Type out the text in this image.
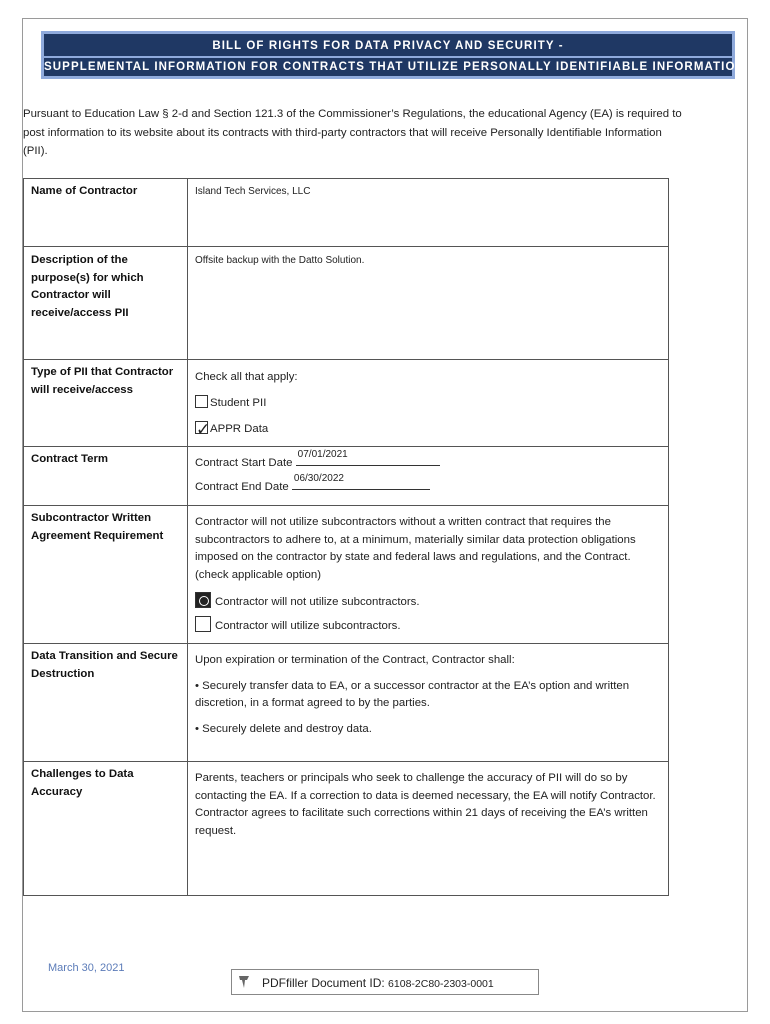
BILL OF RIGHTS FOR DATA PRIVACY AND SECURITY -
SUPPLEMENTAL INFORMATION FOR CONTRACTS THAT UTILIZE PERSONALLY IDENTIFIABLE INFORMATION
Pursuant to Education Law § 2-d and Section 121.3 of the Commissioner’s Regulations, the educational Agency (EA) is required to post information to its website about its contracts with third-party contractors that will receive Personally Identifiable Information (PII).
Name of Contractor	Island Tech Services, LLC
Description of the purpose(s) for which Contractor will receive/access PII	Offsite backup with the Datto Solution.
Type of PII that Contractor will receive/access	Check all that apply:
Student PII
✓APPR Data

Contract Term	Contract Start Date
07/01/2021
Contract End Date
06/30/2022

Subcontractor Written Agreement Requirement	Contractor will not utilize subcontractors without a written contract that requires the subcontractors to adhere to, at a minimum, materially similar data protection obligations imposed on the contractor by state and federal laws and regulations, and the Contract. (check applicable option)
Contractor will not utilize subcontractors.
Contractor will utilize subcontractors.

Data Transition and Secure Destruction	Upon expiration or termination of the Contract, Contractor shall:
• Securely transfer data to EA, or a successor contractor at the EA’s option and written discretion, in a format agreed to by the parties.
• Securely delete and destroy data.

Challenges to Data Accuracy	Parents, teachers or principals who seek to challenge the accuracy of PII will do so by contacting the EA. If a correction to data is deemed necessary, the EA will notify Contractor. Contractor agrees to facilitate such corrections within 21 days of receiving the EA’s written request.
March 30, 2021
PDFfiller Document ID: 6108-2C80-2303-0001
